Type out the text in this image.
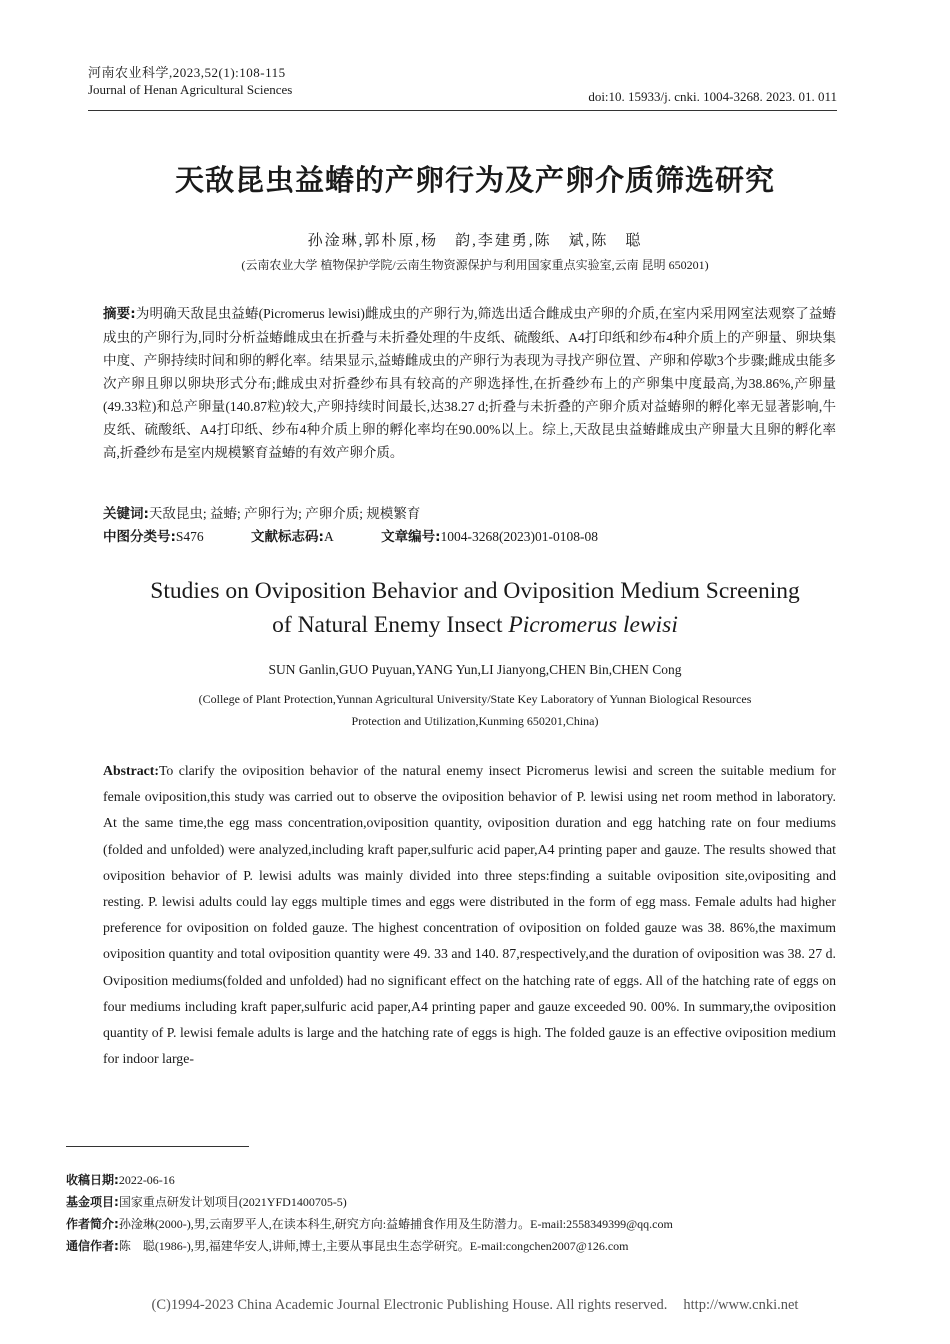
河南农业科学,2023,52(1):108-115
Journal of Henan Agricultural Sciences	doi:10. 15933/j. cnki. 1004-3268. 2023. 01. 011
天敌昆虫益蝽的产卵行为及产卵介质筛选研究
孙淦琳,郭朴原,杨　韵,李建勇,陈　斌,陈　聪
(云南农业大学 植物保护学院/云南生物资源保护与利用国家重点实验室,云南 昆明 650201)
摘要:为明确天敌昆虫益蝽(Picromerus lewisi)雌成虫的产卵行为,筛选出适合雌成虫产卵的介质,在室内采用网室法观察了益蝽成虫的产卵行为,同时分析益蝽雌成虫在折叠与未折叠处理的牛皮纸、硫酸纸、A4打印纸和纱布4种介质上的产卵量、卵块集中度、产卵持续时间和卵的孵化率。结果显示,益蝽雌成虫的产卵行为表现为寻找产卵位置、产卵和停歇3个步骤;雌成虫能多次产卵且卵以卵块形式分布;雌成虫对折叠纱布具有较高的产卵选择性,在折叠纱布上的产卵集中度最高,为38.86%,产卵量(49.33粒)和总产卵量(140.87粒)较大,产卵持续时间最长,达38.27 d;折叠与未折叠的产卵介质对益蝽卵的孵化率无显著影响,牛皮纸、硫酸纸、A4打印纸、纱布4种介质上卵的孵化率均在90.00%以上。综上,天敌昆虫益蝽雌成虫产卵量大且卵的孵化率高,折叠纱布是室内规模繁育益蝽的有效产卵介质。
关键词:天敌昆虫; 益蝽; 产卵行为; 产卵介质; 规模繁育
中图分类号:S476	文献标志码:A	文章编号:1004-3268(2023)01-0108-08
Studies on Oviposition Behavior and Oviposition Medium Screening
of Natural Enemy Insect Picromerus lewisi
SUN Ganlin,GUO Puyuan,YANG Yun,LI Jianyong,CHEN Bin,CHEN Cong
(College of Plant Protection,Yunnan Agricultural University/State Key Laboratory of Yunnan Biological Resources
Protection and Utilization,Kunming 650201,China)
Abstract:To clarify the oviposition behavior of the natural enemy insect Picromerus lewisi and screen the suitable medium for female oviposition,this study was carried out to observe the oviposition behavior of P. lewisi using net room method in laboratory. At the same time,the egg mass concentration,oviposition quantity, oviposition duration and egg hatching rate on four mediums (folded and unfolded) were analyzed,including kraft paper,sulfuric acid paper,A4 printing paper and gauze. The results showed that oviposition behavior of P. lewisi adults was mainly divided into three steps:finding a suitable oviposition site,ovipositing and resting. P. lewisi adults could lay eggs multiple times and eggs were distributed in the form of egg mass. Female adults had higher preference for oviposition on folded gauze. The highest concentration of oviposition on folded gauze was 38. 86%,the maximum oviposition quantity and total oviposition quantity were 49. 33 and 140. 87,respectively,and the duration of oviposition was 38. 27 d. Oviposition mediums(folded and unfolded) had no significant effect on the hatching rate of eggs. All of the hatching rate of eggs on four mediums including kraft paper,sulfuric acid paper,A4 printing paper and gauze exceeded 90. 00%. In summary,the oviposition quantity of P. lewisi female adults is large and the hatching rate of eggs is high. The folded gauze is an effective oviposition medium for indoor large-
收稿日期:2022-06-16
基金项目:国家重点研发计划项目(2021YFD1400705-5)
作者简介:孙淦琳(2000-),男,云南罗平人,在读本科生,研究方向:益蝽捕食作用及生防潜力。E-mail:2558349399@qq.com
通信作者:陈　聪(1986-),男,福建华安人,讲师,博士,主要从事昆虫生态学研究。E-mail:congchen2007@126.com
(C)1994-2023 China Academic Journal Electronic Publishing House. All rights reserved. http://www.cnki.net
